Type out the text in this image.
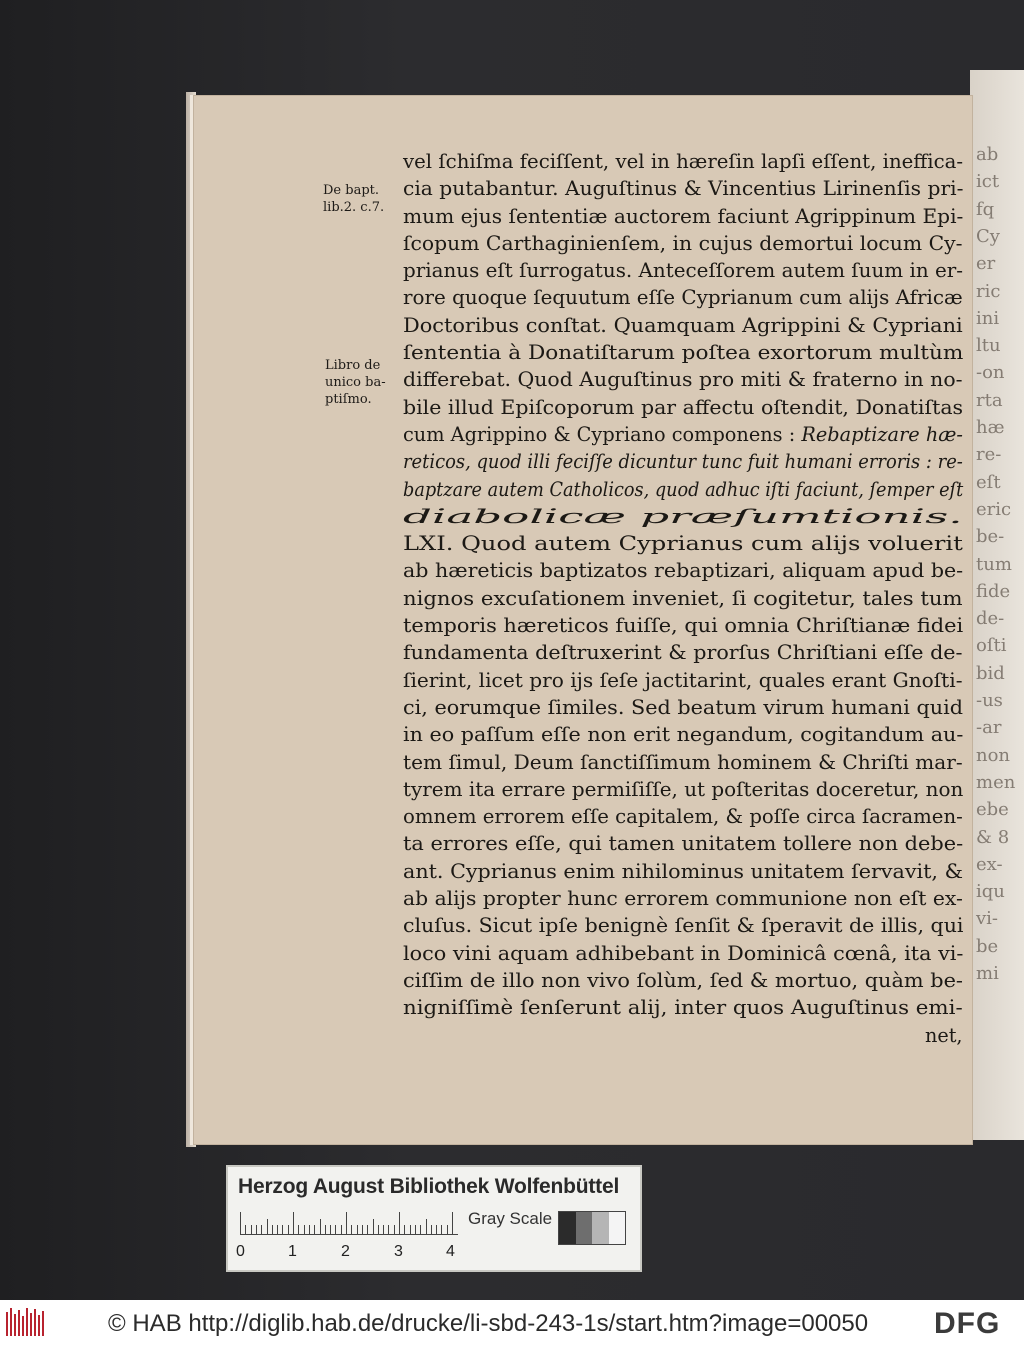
ab
ict
fq
Cy
er
ric
ini
ltu
-on
rta
hæ
re-
eſt
eric
be-
tum
fide
de-
oſti
bid
-us
-ar
non
men
ebe
& 8
ex-
iqu
vi-
be
mi
De bapt.
lib.2. c.7.
Libro de
unico ba-
ptiſmo.
vel ſchiſma feciſſent, vel in hæreſin lapſi eſſent, ineffica-
cia putabantur. Auguſtinus & Vincentius Lirinenſis pri-
mum ejus ſententiæ auctorem faciunt Agrippinum Epi-
ſcopum Carthaginienſem, in cujus demortui locum Cy-
prianus eſt ſurrogatus. Anteceſſorem autem ſuum in er-
rore quoque ſequutum eſſe Cyprianum cum alijs Africæ
Doctoribus conſtat. Quamquam Agrippini & Cypriani
ſententia à Donatiſtarum poſtea exortorum multùm
differebat. Quod Auguſtinus pro miti & fraterno in no-
bile illud Epiſcoporum par affectu oſtendit, Donatiſtas
cum Agrippino & Cypriano componens : Rebaptizare hæ-
reticos, quod illi feciſſe dicuntur tunc fuit humani erroris : re-
baptzare autem Catholicos, quod adhuc iſti faciunt, ſemper eſt
diabolicæ præſumtionis.
LXI. Quod autem Cyprianus cum alijs voluerit
ab hæreticis baptizatos rebaptizari, aliquam apud be-
nignos excuſationem inveniet, ſi cogitetur, tales tum
temporis hæreticos fuiſſe, qui omnia Chriſtianæ fidei
fundamenta deſtruxerint & prorſus Chriſtiani eſſe de-
ſierint, licet pro ijs ſeſe jactitarint, quales erant Gnoſti-
ci, eorumque ſimiles. Sed beatum virum humani quid
in eo paſſum eſſe non erit negandum, cogitandum au-
tem ſimul, Deum ſanctiſſimum hominem & Chriſti mar-
tyrem ita errare permiſiſſe, ut poſteritas doceretur, non
omnem errorem eſſe capitalem, & poſſe circa ſacramen-
ta errores eſſe, qui tamen unitatem tollere non debe-
ant. Cyprianus enim nihilominus unitatem ſervavit, &
ab alijs propter hunc errorem communione non eſt ex-
cluſus. Sicut ipſe benignè ſenſit & ſperavit de illis, qui
loco vini aquam adhibebant in Dominicâ cœnâ, ita vi-
ciſſim de illo non vivo ſolùm, ſed & mortuo, quàm be-
nigniſſimè ſenſerunt alij, inter quos Auguſtinus emi-
net,
Herzog August Bibliothek Wolfenbüttel
0	1	2	3	4
Gray Scale
© HAB http://diglib.hab.de/drucke/li-sbd-243-1s/start.htm?image=00050 DFG
